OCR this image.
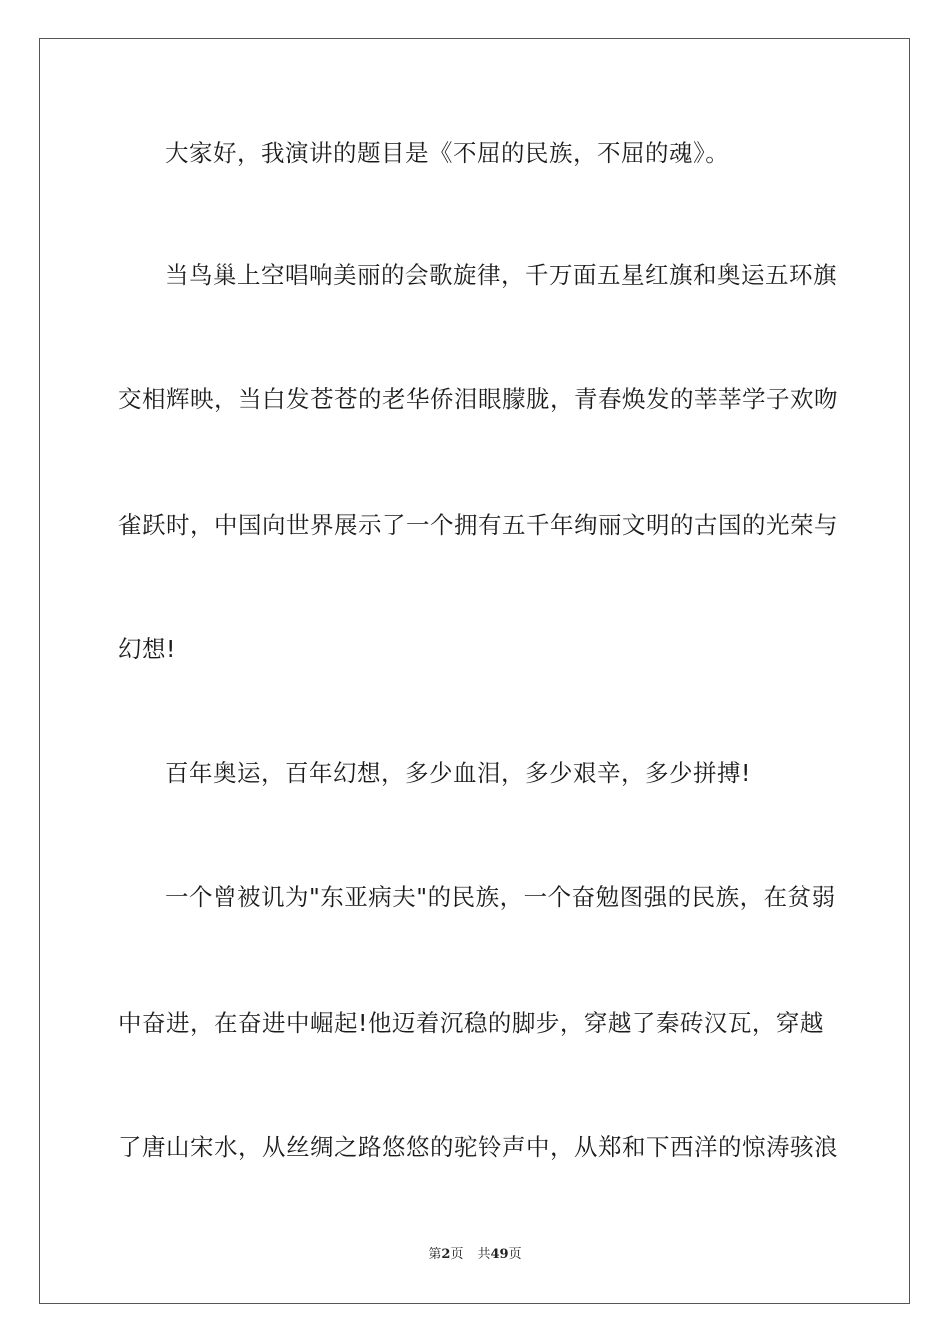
大家好，我演讲的题目是《不屈的民族，不屈的魂》。
当鸟巢上空唱响美丽的会歌旋律，千万面五星红旗和奥运五环旗
交相辉映，当白发苍苍的老华侨泪眼朦胧，青春焕发的莘莘学子欢吻
雀跃时，中国向世界展示了一个拥有五千年绚丽文明的古国的光荣与
幻想!
百年奥运，百年幻想，多少血泪，多少艰辛，多少拼搏!
一个曾被讥为"东亚病夫"的民族，一个奋勉图强的民族，在贫弱
中奋进，在奋进中崛起!他迈着沉稳的脚步，穿越了秦砖汉瓦，穿越
了唐山宋水，从丝绸之路悠悠的驼铃声中，从郑和下西洋的惊涛骇浪
第2页 共49页
